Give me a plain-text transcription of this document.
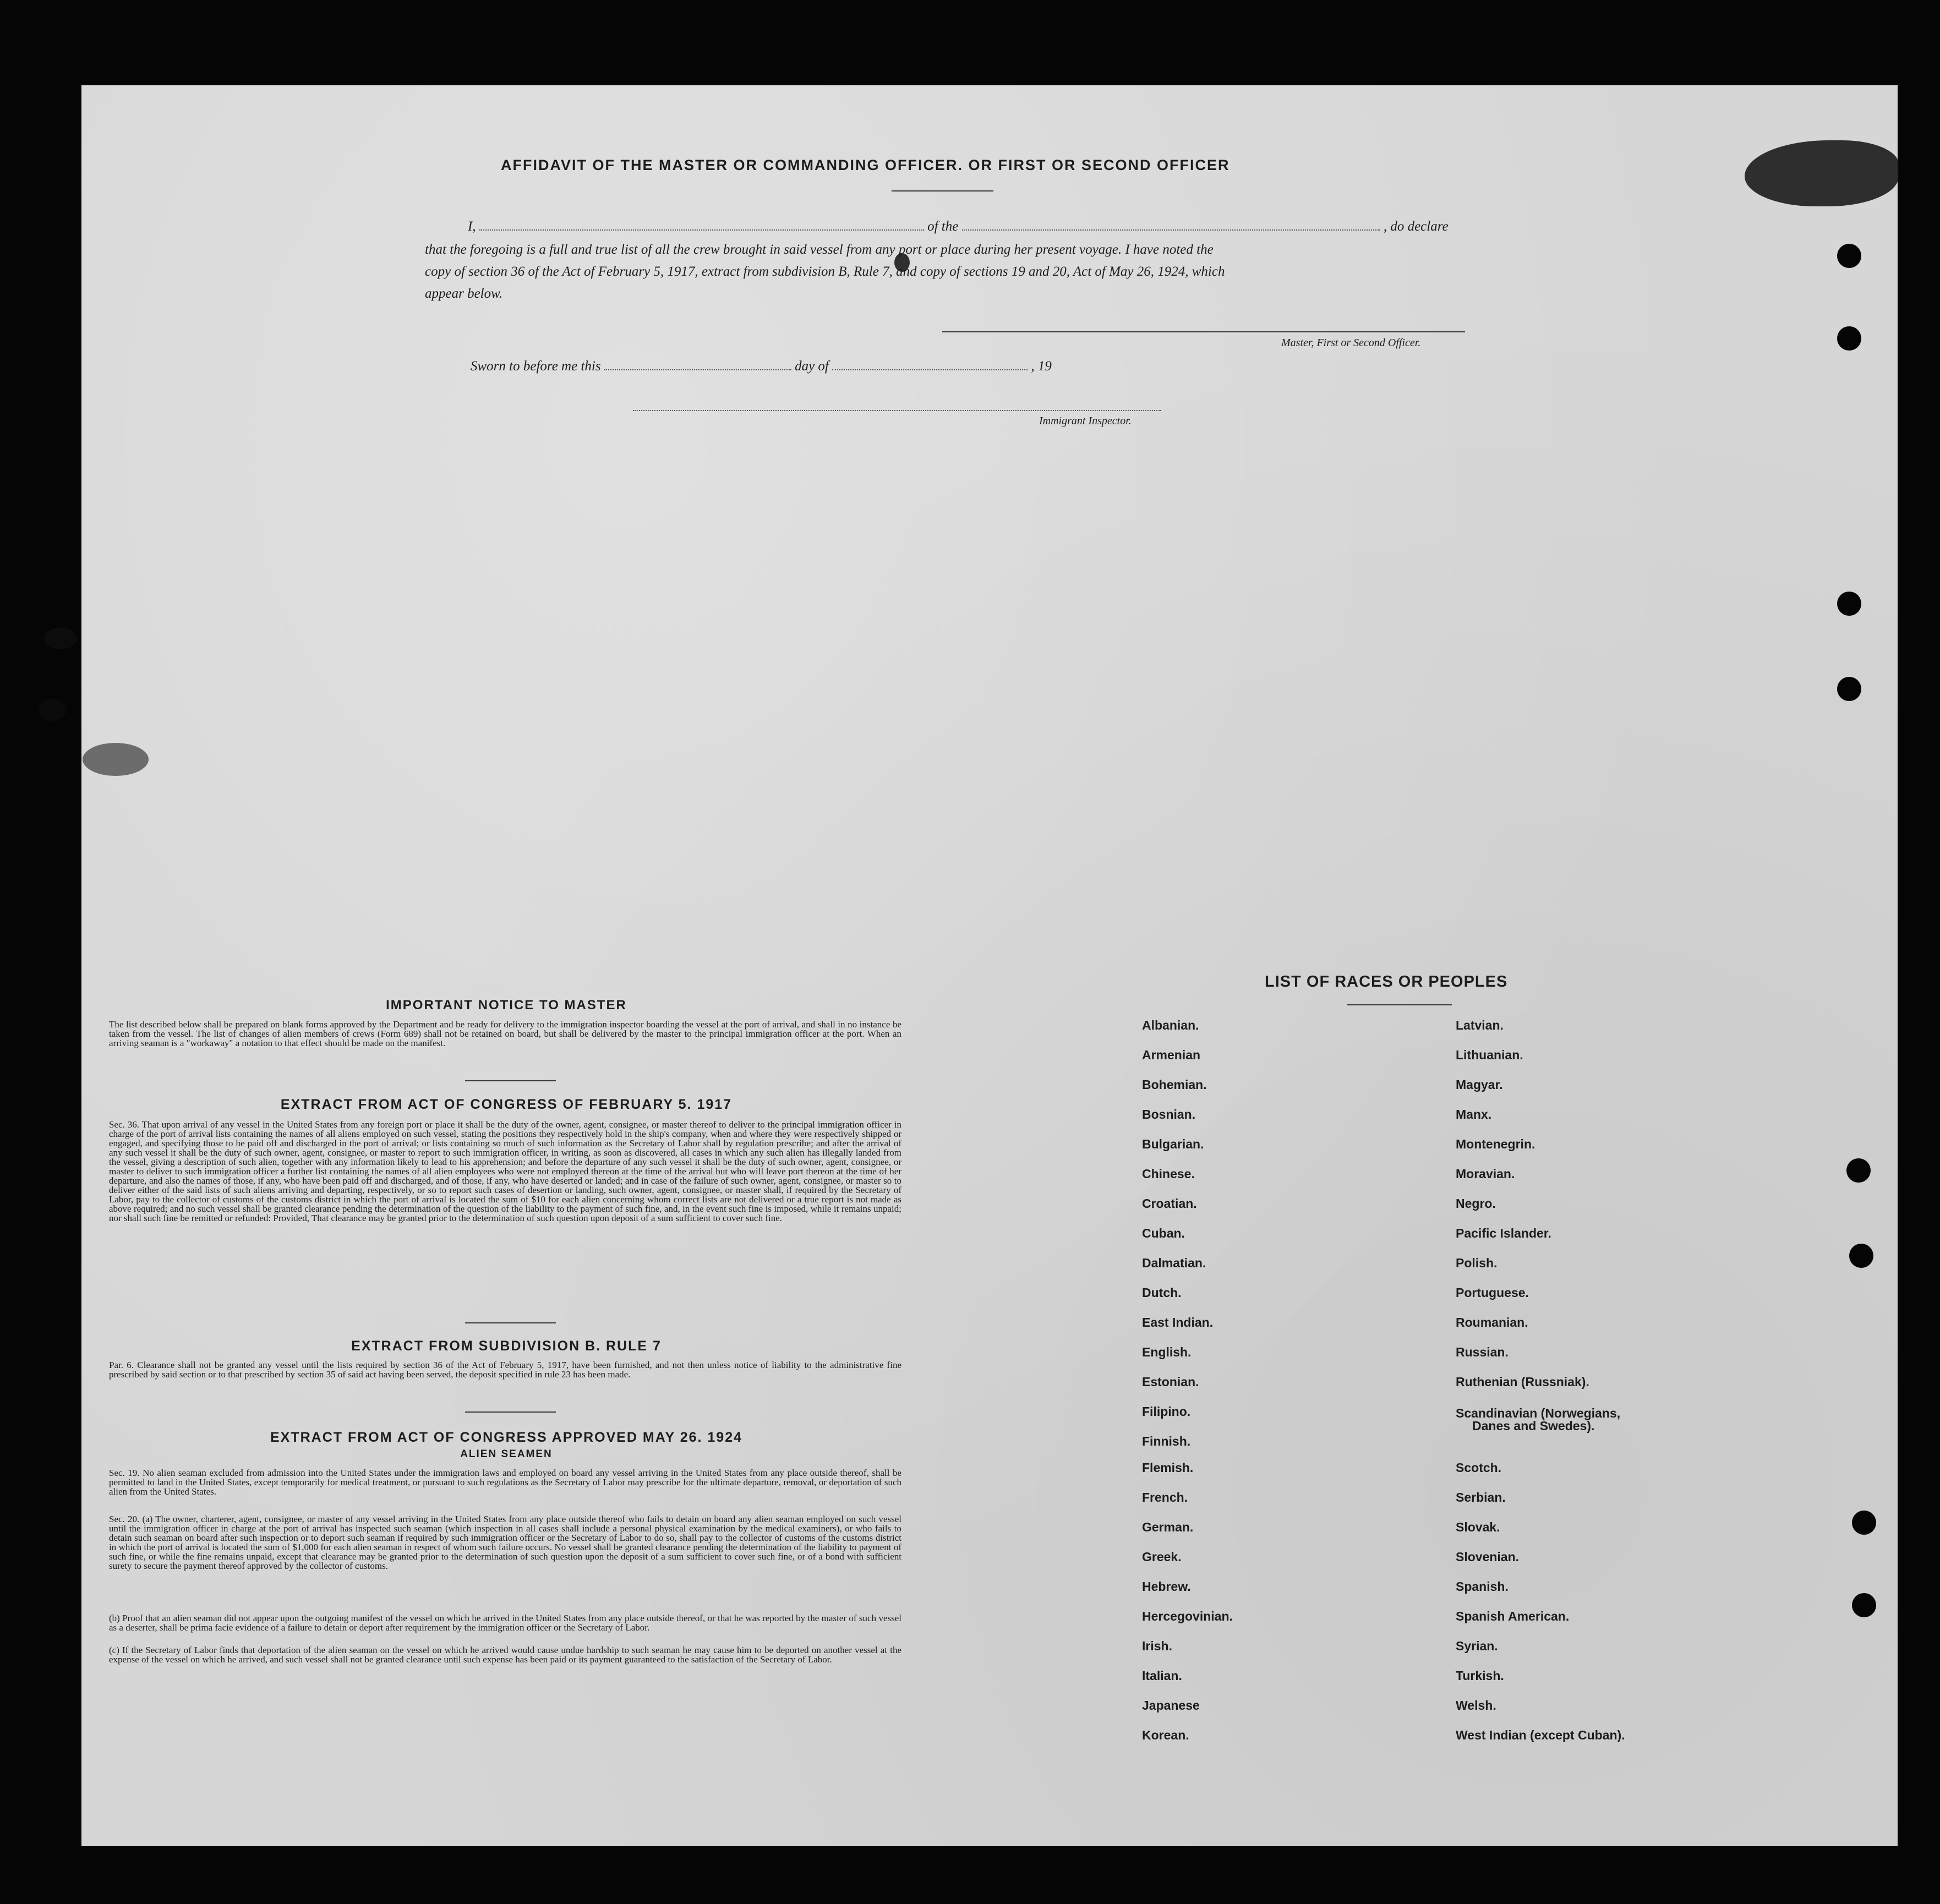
AFFIDAVIT OF THE MASTER OR COMMANDING OFFICER. OR FIRST OR SECOND OFFICER
I,	of the	, do declare
that the foregoing is a full and true list of all the crew brought in said vessel from any port or place during her present voyage. I have noted the
copy of section 36 of the Act of February 5, 1917, extract from subdivision B, Rule 7, and copy of sections 19 and 20, Act of May 26, 1924, which
appear below.
Master, First or Second Officer.
Sworn to before me this	day of	, 19
Immigrant Inspector.
IMPORTANT NOTICE TO MASTER
The list described below shall be prepared on blank forms approved by the Department and be ready for delivery to the immigration inspector boarding the vessel at the port of arrival, and shall in no instance be taken from the vessel. The list of changes of alien members of crews (Form 689) shall not be retained on board, but shall be delivered by the master to the principal immigration officer at the port. When an arriving seaman is a "workaway" a notation to that effect should be made on the manifest.
EXTRACT FROM ACT OF CONGRESS OF FEBRUARY 5. 1917
Sec. 36. That upon arrival of any vessel in the United States from any foreign port or place it shall be the duty of the owner, agent, consignee, or master thereof to deliver to the principal immigration officer in charge of the port of arrival lists containing the names of all aliens employed on such vessel, stating the positions they respectively hold in the ship's company, when and where they were respectively shipped or engaged, and specifying those to be paid off and discharged in the port of arrival; or lists containing so much of such information as the Secretary of Labor shall by regulation prescribe; and after the arrival of any such vessel it shall be the duty of such owner, agent, consignee, or master to report to such immigration officer, in writing, as soon as discovered, all cases in which any such alien has illegally landed from the vessel, giving a description of such alien, together with any information likely to lead to his apprehension; and before the departure of any such vessel it shall be the duty of such owner, agent, consignee, or master to deliver to such immigration officer a further list containing the names of all alien employees who were not employed thereon at the time of the arrival but who will leave port thereon at the time of her departure, and also the names of those, if any, who have been paid off and discharged, and of those, if any, who have deserted or landed; and in case of the failure of such owner, agent, consignee, or master so to deliver either of the said lists of such aliens arriving and departing, respectively, or so to report such cases of desertion or landing, such owner, agent, consignee, or master shall, if required by the Secretary of Labor, pay to the collector of customs of the customs district in which the port of arrival is located the sum of $10 for each alien concerning whom correct lists are not delivered or a true report is not made as above required; and no such vessel shall be granted clearance pending the determination of the question of the liability to the payment of such fine, and, in the event such fine is imposed, while it remains unpaid; nor shall such fine be remitted or refunded: Provided, That clearance may be granted prior to the determination of such question upon deposit of a sum sufficient to cover such fine.
EXTRACT FROM SUBDIVISION B. RULE 7
Par. 6. Clearance shall not be granted any vessel until the lists required by section 36 of the Act of February 5, 1917, have been furnished, and not then unless notice of liability to the administrative fine prescribed by said section or to that prescribed by section 35 of said act having been served, the deposit specified in rule 23 has been made.
EXTRACT FROM ACT OF CONGRESS APPROVED MAY 26. 1924
ALIEN SEAMEN
Sec. 19. No alien seaman excluded from admission into the United States under the immigration laws and employed on board any vessel arriving in the United States from any place outside thereof, shall be permitted to land in the United States, except temporarily for medical treatment, or pursuant to such regulations as the Secretary of Labor may prescribe for the ultimate departure, removal, or deportation of such alien from the United States.
Sec. 20. (a) The owner, charterer, agent, consignee, or master of any vessel arriving in the United States from any place outside thereof who fails to detain on board any alien seaman employed on such vessel until the immigration officer in charge at the port of arrival has inspected such seaman (which inspection in all cases shall include a personal physical examination by the medical examiners), or who fails to detain such seaman on board after such inspection or to deport such seaman if required by such immigration officer or the Secretary of Labor to do so, shall pay to the collector of customs of the customs district in which the port of arrival is located the sum of $1,000 for each alien seaman in respect of whom such failure occurs. No vessel shall be granted clearance pending the determination of the liability to payment of such fine, or while the fine remains unpaid, except that clearance may be granted prior to the determination of such question upon the deposit of a sum sufficient to cover such fine, or of a bond with sufficient surety to secure the payment thereof approved by the collector of customs.
(b) Proof that an alien seaman did not appear upon the outgoing manifest of the vessel on which he arrived in the United States from any place outside thereof, or that he was reported by the master of such vessel as a deserter, shall be prima facie evidence of a failure to detain or deport after requirement by the immigration officer or the Secretary of Labor.
(c) If the Secretary of Labor finds that deportation of the alien seaman on the vessel on which he arrived would cause undue hardship to such seaman he may cause him to be deported on another vessel at the expense of the vessel on which he arrived, and such vessel shall not be granted clearance until such expense has been paid or its payment guaranteed to the satisfaction of the Secretary of Labor.
LIST OF RACES OR PEOPLES
Albanian.
Armenian
Bohemian.
Bosnian.
Bulgarian.
Chinese.
Croatian.
Cuban.
Dalmatian.
Dutch.
East Indian.
English.
Estonian.
Filipino.
Finnish.
Flemish.
French.
German.
Greek.
Hebrew.
Hercegovinian.
Irish.
Italian.
Japanese
Korean.
Latvian.
Lithuanian.
Magyar.
Manx.
Montenegrin.
Moravian.
Negro.
Pacific Islander.
Polish.
Portuguese.
Roumanian.
Russian.
Ruthenian (Russniak).
Scandinavian (Norwegians,
Danes and Swedes).
Scotch.
Serbian.
Slovak.
Slovenian.
Spanish.
Spanish American.
Syrian.
Turkish.
Welsh.
West Indian (except Cuban).
